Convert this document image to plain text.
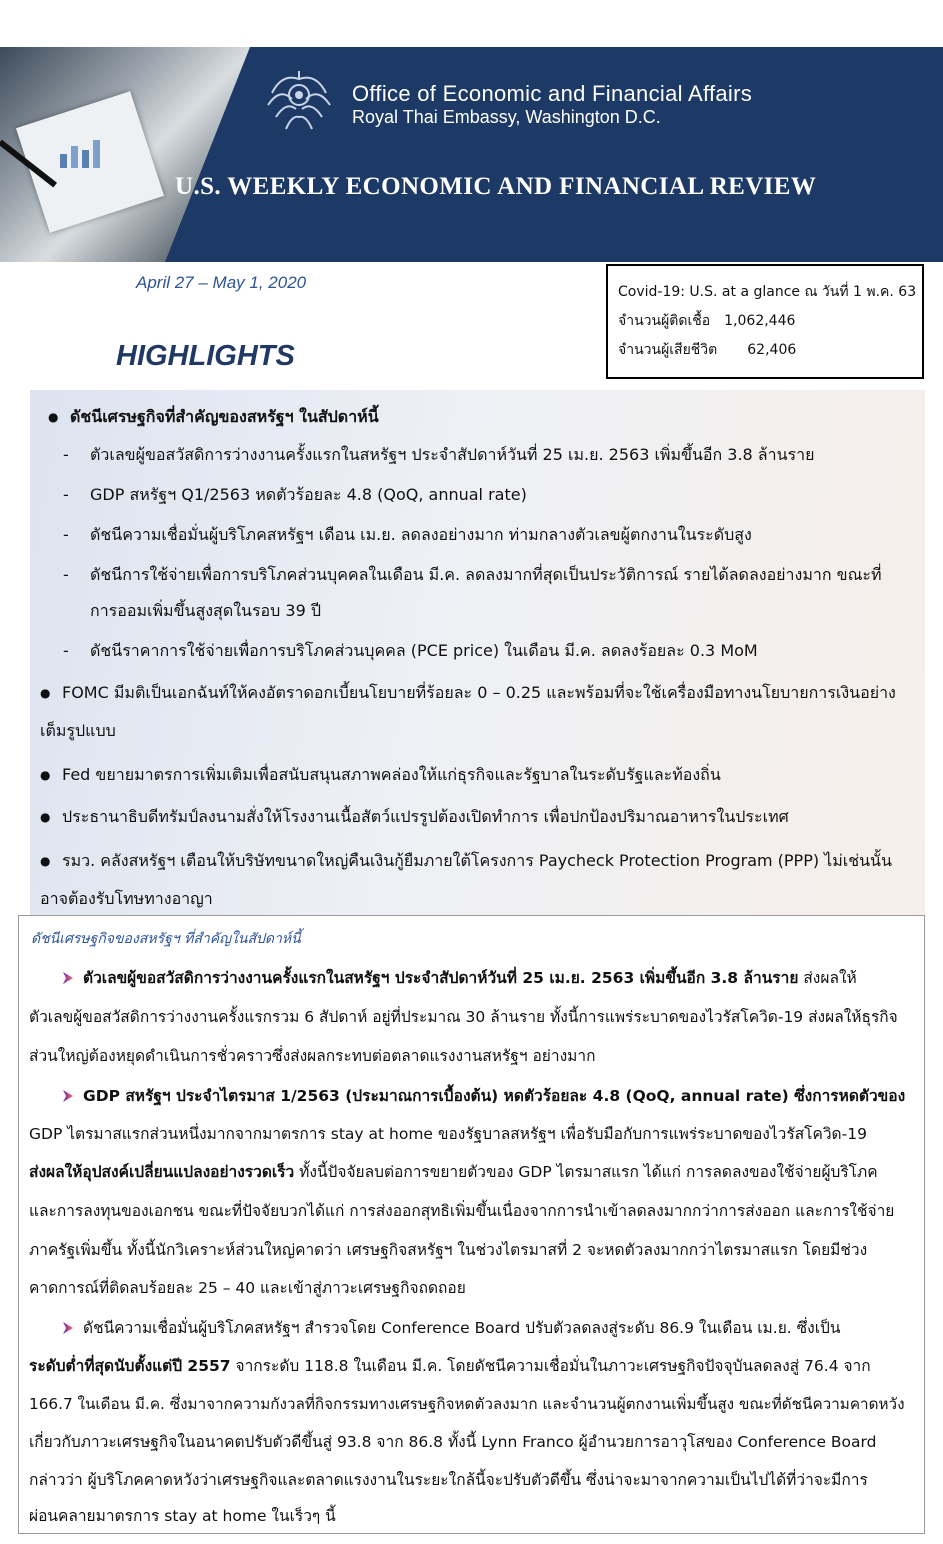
Office of Economic and Financial Affairs
Royal Thai Embassy, Washington D.C.
U.S. WEEKLY ECONOMIC AND FINANCIAL REVIEW
April 27 – May 1, 2020
HIGHLIGHTS
Covid-19: U.S. at a glance ณ วันที่ 1 พ.ค. 63
จำนวนผู้ติดเชื้อ 1,062,446
จำนวนผู้เสียชีวิต 62,406
● ดัชนีเศรษฐกิจที่สำคัญของสหรัฐฯ ในสัปดาห์นี้
- ตัวเลขผู้ขอสวัสดิการว่างงานครั้งแรกในสหรัฐฯ ประจำสัปดาห์วันที่ 25 เม.ย. 2563 เพิ่มขึ้นอีก 3.8 ล้านราย
- GDP สหรัฐฯ Q1/2563 หดตัวร้อยละ 4.8 (QoQ, annual rate)
- ดัชนีความเชื่อมั่นผู้บริโภคสหรัฐฯ เดือน เม.ย. ลดลงอย่างมาก ท่ามกลางตัวเลขผู้ตกงานในระดับสูง
- ดัชนีการใช้จ่ายเพื่อการบริโภคส่วนบุคคลในเดือน มี.ค. ลดลงมากที่สุดเป็นประวัติการณ์ รายได้ลดลงอย่างมาก ขณะที่
การออมเพิ่มขึ้นสูงสุดในรอบ 39 ปี
- ดัชนีราคาการใช้จ่ายเพื่อการบริโภคส่วนบุคคล (PCE price) ในเดือน มี.ค. ลดลงร้อยละ 0.3 MoM
● FOMC มีมติเป็นเอกฉันท์ให้คงอัตราดอกเบี้ยนโยบายที่ร้อยละ 0 – 0.25 และพร้อมที่จะใช้เครื่องมือทางนโยบายการเงินอย่าง
เต็มรูปแบบ
● Fed ขยายมาตรการเพิ่มเติมเพื่อสนับสนุนสภาพคล่องให้แก่ธุรกิจและรัฐบาลในระดับรัฐและท้องถิ่น
● ประธานาธิบดีทรัมป์ลงนามสั่งให้โรงงานเนื้อสัตว์แปรรูปต้องเปิดทำการ เพื่อปกป้องปริมาณอาหารในประเทศ
● รมว. คลังสหรัฐฯ เตือนให้บริษัทขนาดใหญ่คืนเงินกู้ยืมภายใต้โครงการ Paycheck Protection Program (PPP) ไม่เช่นนั้น
อาจต้องรับโทษทางอาญา
ดัชนีเศรษฐกิจของสหรัฐฯ ที่สำคัญในสัปดาห์นี้
ตัวเลขผู้ขอสวัสดิการว่างงานครั้งแรกในสหรัฐฯ ประจำสัปดาห์วันที่ 25 เม.ย. 2563 เพิ่มขึ้นอีก 3.8 ล้านราย ส่งผลให้
ตัวเลขผู้ขอสวัสดิการว่างงานครั้งแรกรวม 6 สัปดาห์ อยู่ที่ประมาณ 30 ล้านราย ทั้งนี้การแพร่ระบาดของไวรัสโควิด-19 ส่งผลให้ธุรกิจ
ส่วนใหญ่ต้องหยุดดำเนินการชั่วคราวซึ่งส่งผลกระทบต่อตลาดแรงงานสหรัฐฯ อย่างมาก
GDP สหรัฐฯ ประจำไตรมาส 1/2563 (ประมาณการเบื้องต้น) หดตัวร้อยละ 4.8 (QoQ, annual rate) ซึ่งการหดตัวของ
GDP ไตรมาสแรกส่วนหนึ่งมากจากมาตรการ stay at home ของรัฐบาลสหรัฐฯ เพื่อรับมือกับการแพร่ระบาดของไวรัสโควิด-19
ส่งผลให้อุปสงค์เปลี่ยนแปลงอย่างรวดเร็ว ทั้งนี้ปัจจัยลบต่อการขยายตัวของ GDP ไตรมาสแรก ได้แก่ การลดลงของใช้จ่ายผู้บริโภค
และการลงทุนของเอกชน ขณะที่ปัจจัยบวกได้แก่ การส่งออกสุทธิเพิ่มขึ้นเนื่องจากการนำเข้าลดลงมากกว่าการส่งออก และการใช้จ่าย
ภาครัฐเพิ่มขึ้น ทั้งนี้นักวิเคราะห์ส่วนใหญ่คาดว่า เศรษฐกิจสหรัฐฯ ในช่วงไตรมาสที่ 2 จะหดตัวลงมากกว่าไตรมาสแรก โดยมีช่วง
คาดการณ์ที่ติดลบร้อยละ 25 – 40 และเข้าสู่ภาวะเศรษฐกิจถดถอย
ดัชนีความเชื่อมั่นผู้บริโภคสหรัฐฯ สำรวจโดย Conference Board ปรับตัวลดลงสู่ระดับ 86.9 ในเดือน เม.ย. ซึ่งเป็น
ระดับต่ำที่สุดนับตั้งแต่ปี 2557 จากระดับ 118.8 ในเดือน มี.ค. โดยดัชนีความเชื่อมั่นในภาวะเศรษฐกิจปัจจุบันลดลงสู่ 76.4 จาก
166.7 ในเดือน มี.ค. ซึ่งมาจากความกังวลที่กิจกรรมทางเศรษฐกิจหดตัวลงมาก และจำนวนผู้ตกงานเพิ่มขึ้นสูง ขณะที่ดัชนีความคาดหวัง
เกี่ยวกับภาวะเศรษฐกิจในอนาคตปรับตัวดีขึ้นสู่ 93.8 จาก 86.8 ทั้งนี้ Lynn Franco ผู้อำนวยการอาวุโสของ Conference Board
กล่าวว่า ผู้บริโภคคาดหวังว่าเศรษฐกิจและตลาดแรงงานในระยะใกล้นี้จะปรับตัวดีขึ้น ซึ่งน่าจะมาจากความเป็นไปได้ที่ว่าจะมีการ
ผ่อนคลายมาตรการ stay at home ในเร็วๆ นี้
